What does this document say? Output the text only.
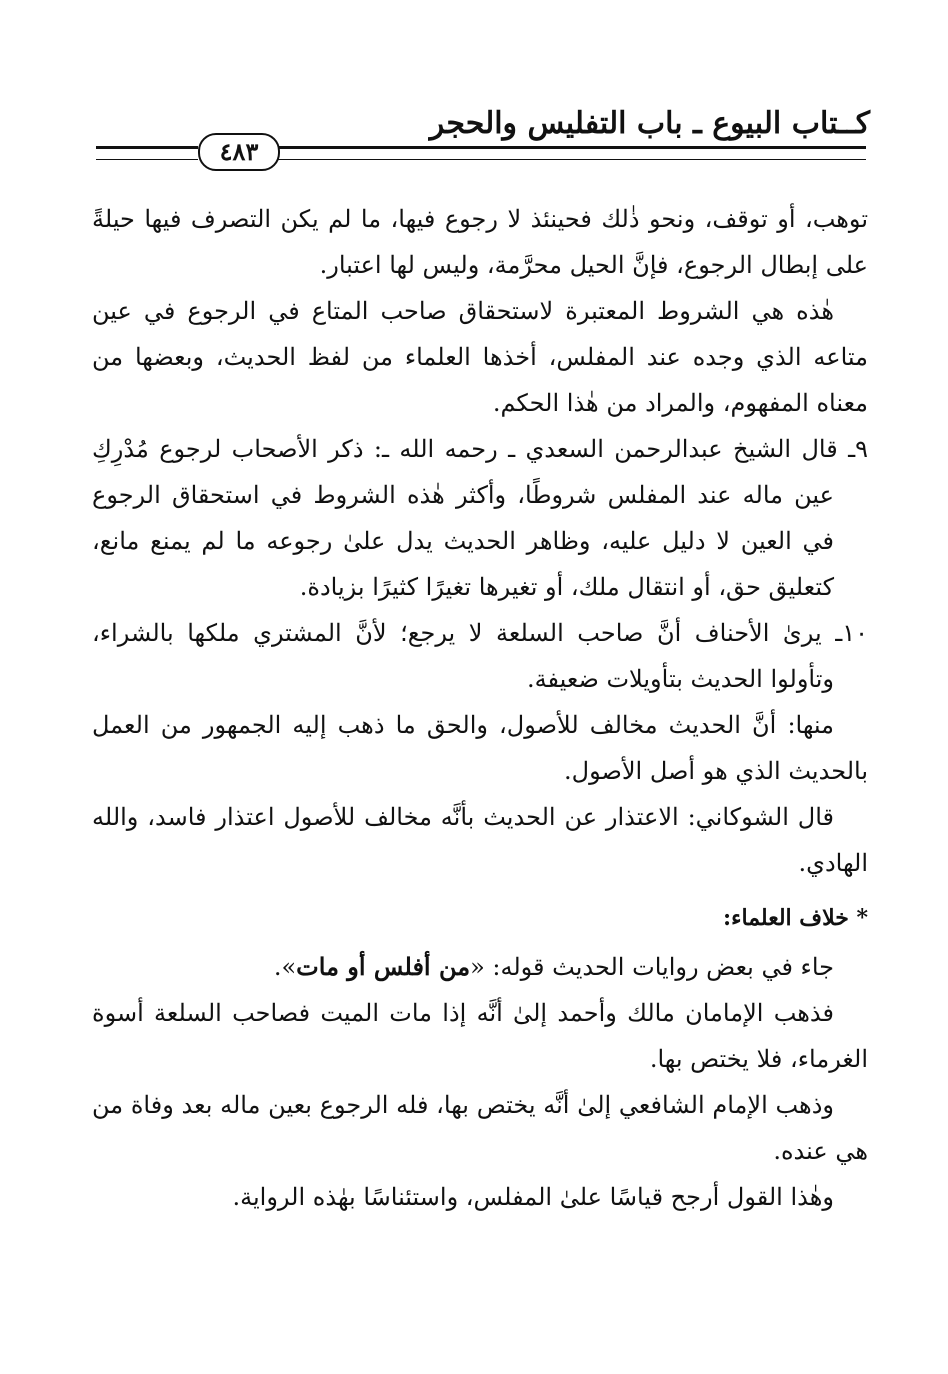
كــتاب البيوع ـ باب التفليس والحجر
٤٨٣

توهب، أو توقف، ونحو ذٰلك فحينئذ لا رجوع فيها، ما لم يكن التصرف فيها حيلةً على إبطال الرجوع، فإنَّ الحيل محرَّمة، وليس لها اعتبار.

هٰذه هي الشروط المعتبرة لاستحقاق صاحب المتاع في الرجوع في عين متاعه الذي وجده عند المفلس، أخذها العلماء من لفظ الحديث، وبعضها من معناه المفهوم، والمراد من هٰذا الحكم.

٩ـ قال الشيخ عبدالرحمن السعدي ـ رحمه الله ـ: ذكر الأصحاب لرجوع مُدْرِكِ عين ماله عند المفلس شروطًا، وأكثر هٰذه الشروط في استحقاق الرجوع في العين لا دليل عليه، وظاهر الحديث يدل علىٰ رجوعه ما لم يمنع مانع، كتعليق حق، أو انتقال ملك، أو تغيرها تغيرًا كثيرًا بزيادة.

١٠ـ يرىٰ الأحناف أنَّ صاحب السلعة لا يرجع؛ لأنَّ المشتري ملكها بالشراء، وتأولوا الحديث بتأويلات ضعيفة.

منها: أنَّ الحديث مخالف للأصول، والحق ما ذهب إليه الجمهور من العمل بالحديث الذي هو أصل الأصول.

قال الشوكاني: الاعتذار عن الحديث بأنَّه مخالف للأصول اعتذار فاسد، والله الهادي.

* خلاف العلماء:

جاء في بعض روايات الحديث قوله: «من أفلس أو مات».

فذهب الإمامان مالك وأحمد إلىٰ أنَّه إذا مات الميت فصاحب السلعة أسوة الغرماء، فلا يختص بها.

وذهب الإمام الشافعي إلىٰ أنَّه يختص بها، فله الرجوع بعين ماله بعد وفاة من هي عنده.

وهٰذا القول أرجح قياسًا علىٰ المفلس، واستئناسًا بهٰذه الرواية.
